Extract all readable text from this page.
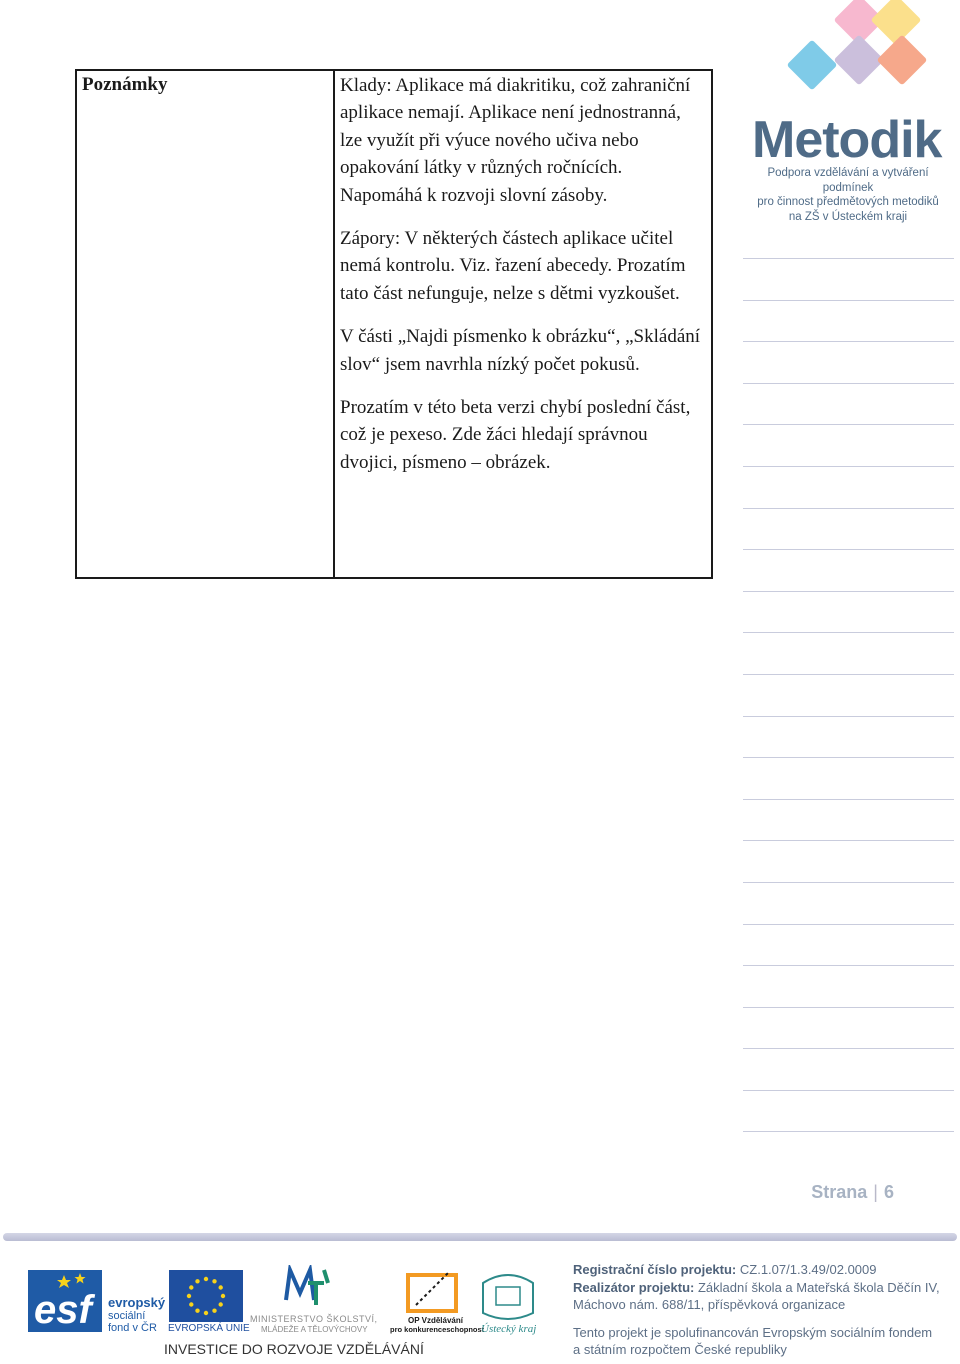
Poznámky	Klady: Aplikace má diakritiku, což zahraniční aplikace nemají. Aplikace není jednostranná, lze využít při výuce nového učiva nebo opakování látky v různých ročnících. Napomáhá k rozvoji slovní zásoby.

Zápory: V některých částech aplikace učitel nemá kontrolu. Viz. řazení abecedy. Prozatím tato část nefunguje, nelze s dětmi vyzkoušet.

V části „Najdi písmenko k obrázku“, „Skládání slov“ jsem navrhla nízký počet pokusů.

Prozatím v této beta verzi chybí poslední část, což je pexeso. Zde žáci hledají správnou dvojici, písmeno – obrázek.

Metodik
Podpora vzdělávání a vytváření podmínek
pro činnost předmětových metodiků
na ZŠ v Ústeckém kraji
Strana | 6
esf evropský
sociální
fond v ČR EVROPSKÁ UNIE
MINISTERSTVO ŠKOLSTVÍ,
MLÁDEŽE A TĚLOVÝCHOVY
OP Vzdělávání
pro konkurenceschopnost
Ústecký kraj
INVESTICE DO ROZVOJE VZDĚLÁVÁNÍ
Registrační číslo projektu: CZ.1.07/1.3.49/02.0009
Realizátor projektu: Základní škola a Mateřská škola Děčín IV,
Máchovo nám. 688/11, příspěvková organizace
Tento projekt je spolufinancován Evropským sociálním fondem
a státním rozpočtem České republiky
